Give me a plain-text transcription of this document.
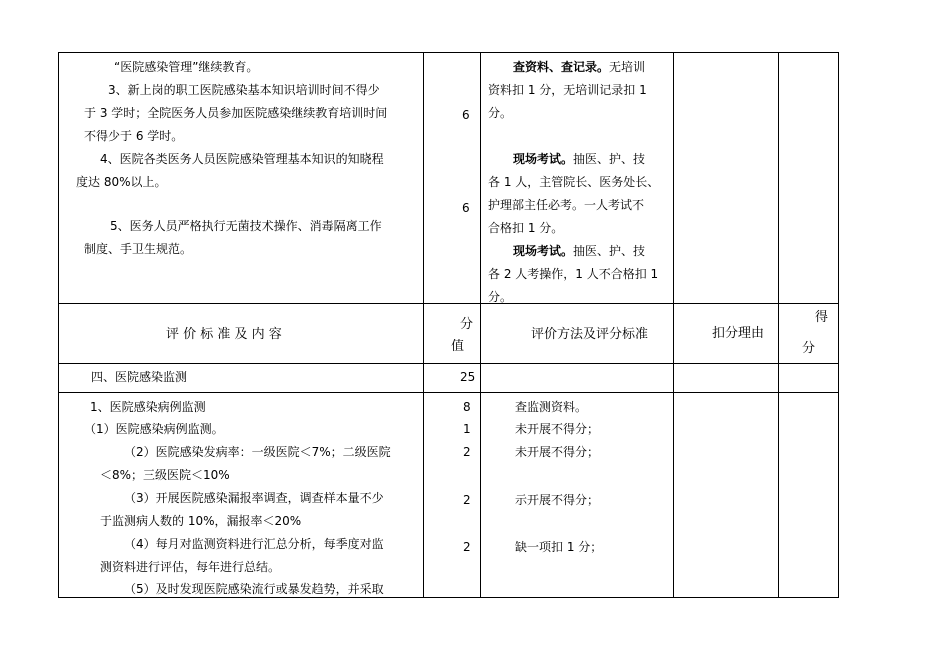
“医院感染管理”继续教育。
3、新上岗的职工医院感染基本知识培训时间不得少
于 3 学时；全院医务人员参加医院感染继续教育培训时间
不得少于 6 学时。
4、医院各类医务人员医院感染管理基本知识的知晓程
度达 80%以上。
5、医务人员严格执行无菌技术操作、消毒隔离工作
制度、手卫生规范。
6
6
查资料、查记录。无培训
资料扣 1 分，无培训记录扣 1
分。
现场考试。抽医、护、技
各 1 人，主管院长、医务处长、
护理部主任必考。一人考试不
合格扣 1 分。
现场考试。抽医、护、技
各 2 人考操作，1 人不合格扣 1
分。
评 价 标 准 及 内 容
分
值
评价方法及评分标准	扣分理由
得
分
四、医院感染监测	25
1、医院感染病例监测
（1）医院感染病例监测。
（2）医院感染发病率：一级医院＜7%；二级医院
＜8%；三级医院＜10%
（3）开展医院感染漏报率调查，调查样本量不少
于监测病人数的 10%，漏报率＜20%
（4）每月对监测资料进行汇总分析，每季度对监
测资料进行评估，每年进行总结。
（5）及时发现医院感染流行或暴发趋势，并采取
8
1
2
2
2
查监测资料。
未开展不得分；
未开展不得分；
示开展不得分；
缺一项扣 1 分；
